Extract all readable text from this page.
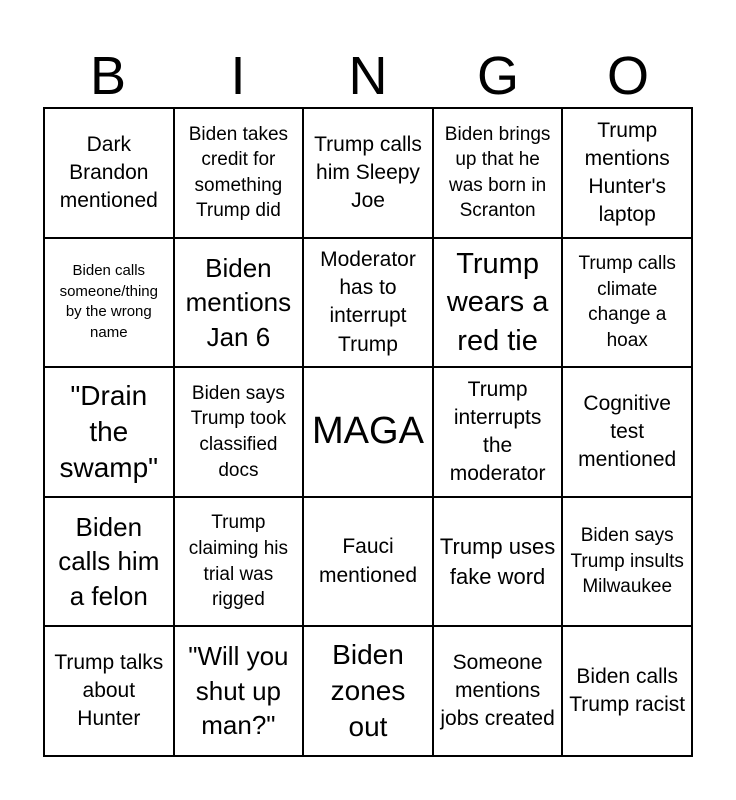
B	I	N	G	O
Dark Brandon mentioned
Biden takes credit for something Trump did
Trump calls him Sleepy Joe
Biden brings up that he was born in Scranton
Trump mentions Hunter's laptop
Biden calls someone/thing by the wrong name
Biden mentions Jan 6
Moderator has to interrupt Trump
Trump wears a red tie
Trump calls climate change a hoax
"Drain the swamp"
Biden says Trump took classified docs
MAGA
Trump interrupts the moderator
Cognitive test mentioned
Biden calls him a felon
Trump claiming his trial was rigged
Fauci mentioned
Trump uses fake word
Biden says Trump insults Milwaukee
Trump talks about Hunter
"Will you shut up man?"
Biden zones out
Someone mentions jobs created
Biden calls Trump racist
